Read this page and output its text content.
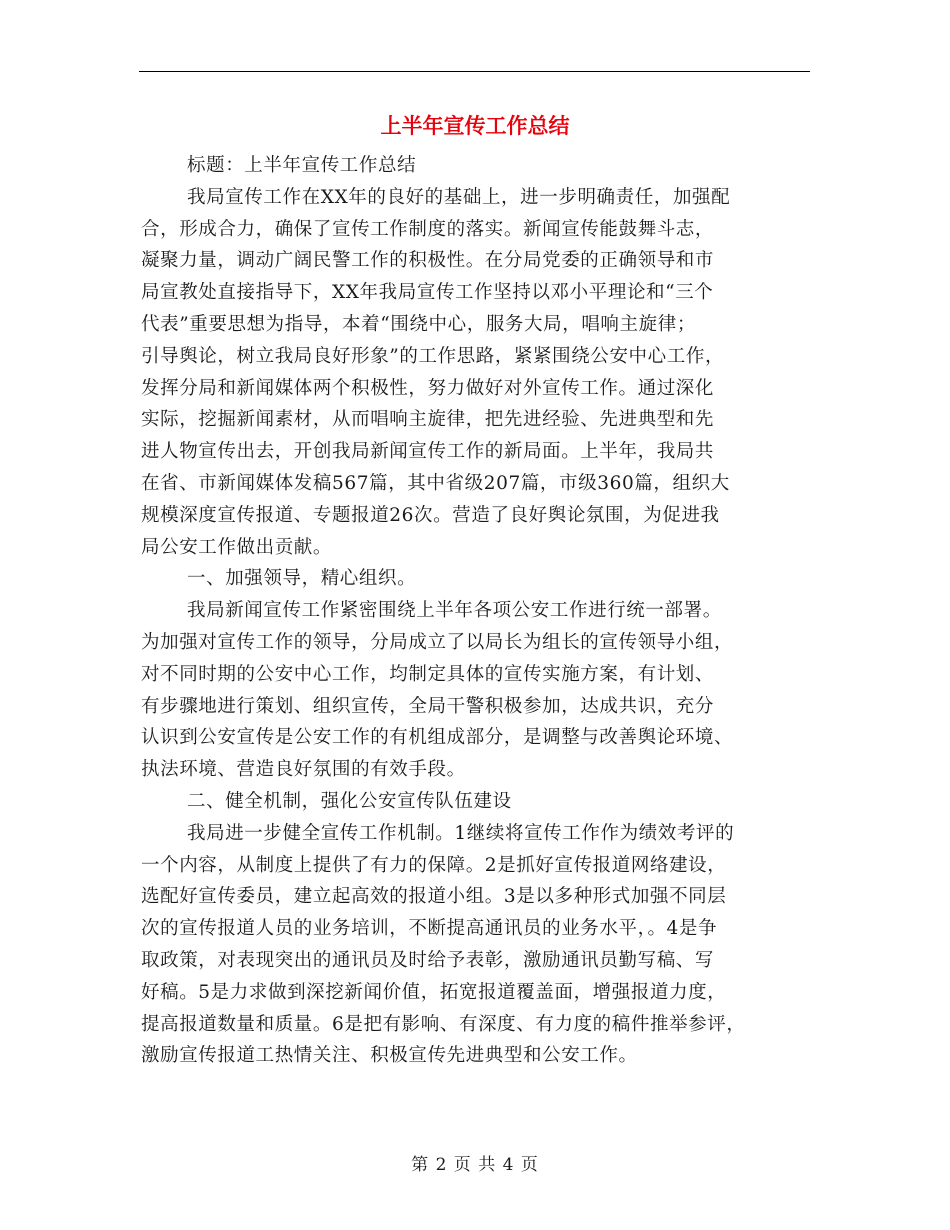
上半年宣传工作总结
标题：上半年宣传工作总结
我局宣传工作在XX年的良好的基础上，进一步明确责任，加强配
合，形成合力，确保了宣传工作制度的落实。新闻宣传能鼓舞斗志，
凝聚力量，调动广阔民警工作的积极性。在分局党委的正确领导和市
局宣教处直接指导下，XX年我局宣传工作坚持以邓小平理论和“三个
代表”重要思想为指导，本着“围绕中心，服务大局，唱响主旋律；
引导舆论，树立我局良好形象”的工作思路，紧紧围绕公安中心工作，
发挥分局和新闻媒体两个积极性，努力做好对外宣传工作。通过深化
实际，挖掘新闻素材，从而唱响主旋律，把先进经验、先进典型和先
进人物宣传出去，开创我局新闻宣传工作的新局面。上半年，我局共
在省、市新闻媒体发稿567篇，其中省级207篇，市级360篇，组织大
规模深度宣传报道、专题报道26次。营造了良好舆论氛围，为促进我
局公安工作做出贡献。
一、加强领导，精心组织。
我局新闻宣传工作紧密围绕上半年各项公安工作进行统一部署。
为加强对宣传工作的领导，分局成立了以局长为组长的宣传领导小组，
对不同时期的公安中心工作，均制定具体的宣传实施方案，有计划、
有步骤地进行策划、组织宣传，全局干警积极参加，达成共识，充分
认识到公安宣传是公安工作的有机组成部分，是调整与改善舆论环境、
执法环境、营造良好氛围的有效手段。
二、健全机制，强化公安宣传队伍建设
我局进一步健全宣传工作机制。1继续将宣传工作作为绩效考评的
一个内容，从制度上提供了有力的保障。2是抓好宣传报道网络建设，
选配好宣传委员，建立起高效的报道小组。3是以多种形式加强不同层
次的宣传报道人员的业务培训，不断提高通讯员的业务水平，。4是争
取政策，对表现突出的通讯员及时给予表彰，激励通讯员勤写稿、写
好稿。5是力求做到深挖新闻价值，拓宽报道覆盖面，增强报道力度，
提高报道数量和质量。6是把有影响、有深度、有力度的稿件推举参评，
激励宣传报道工热情关注、积极宣传先进典型和公安工作。
第 2 页 共 4 页
